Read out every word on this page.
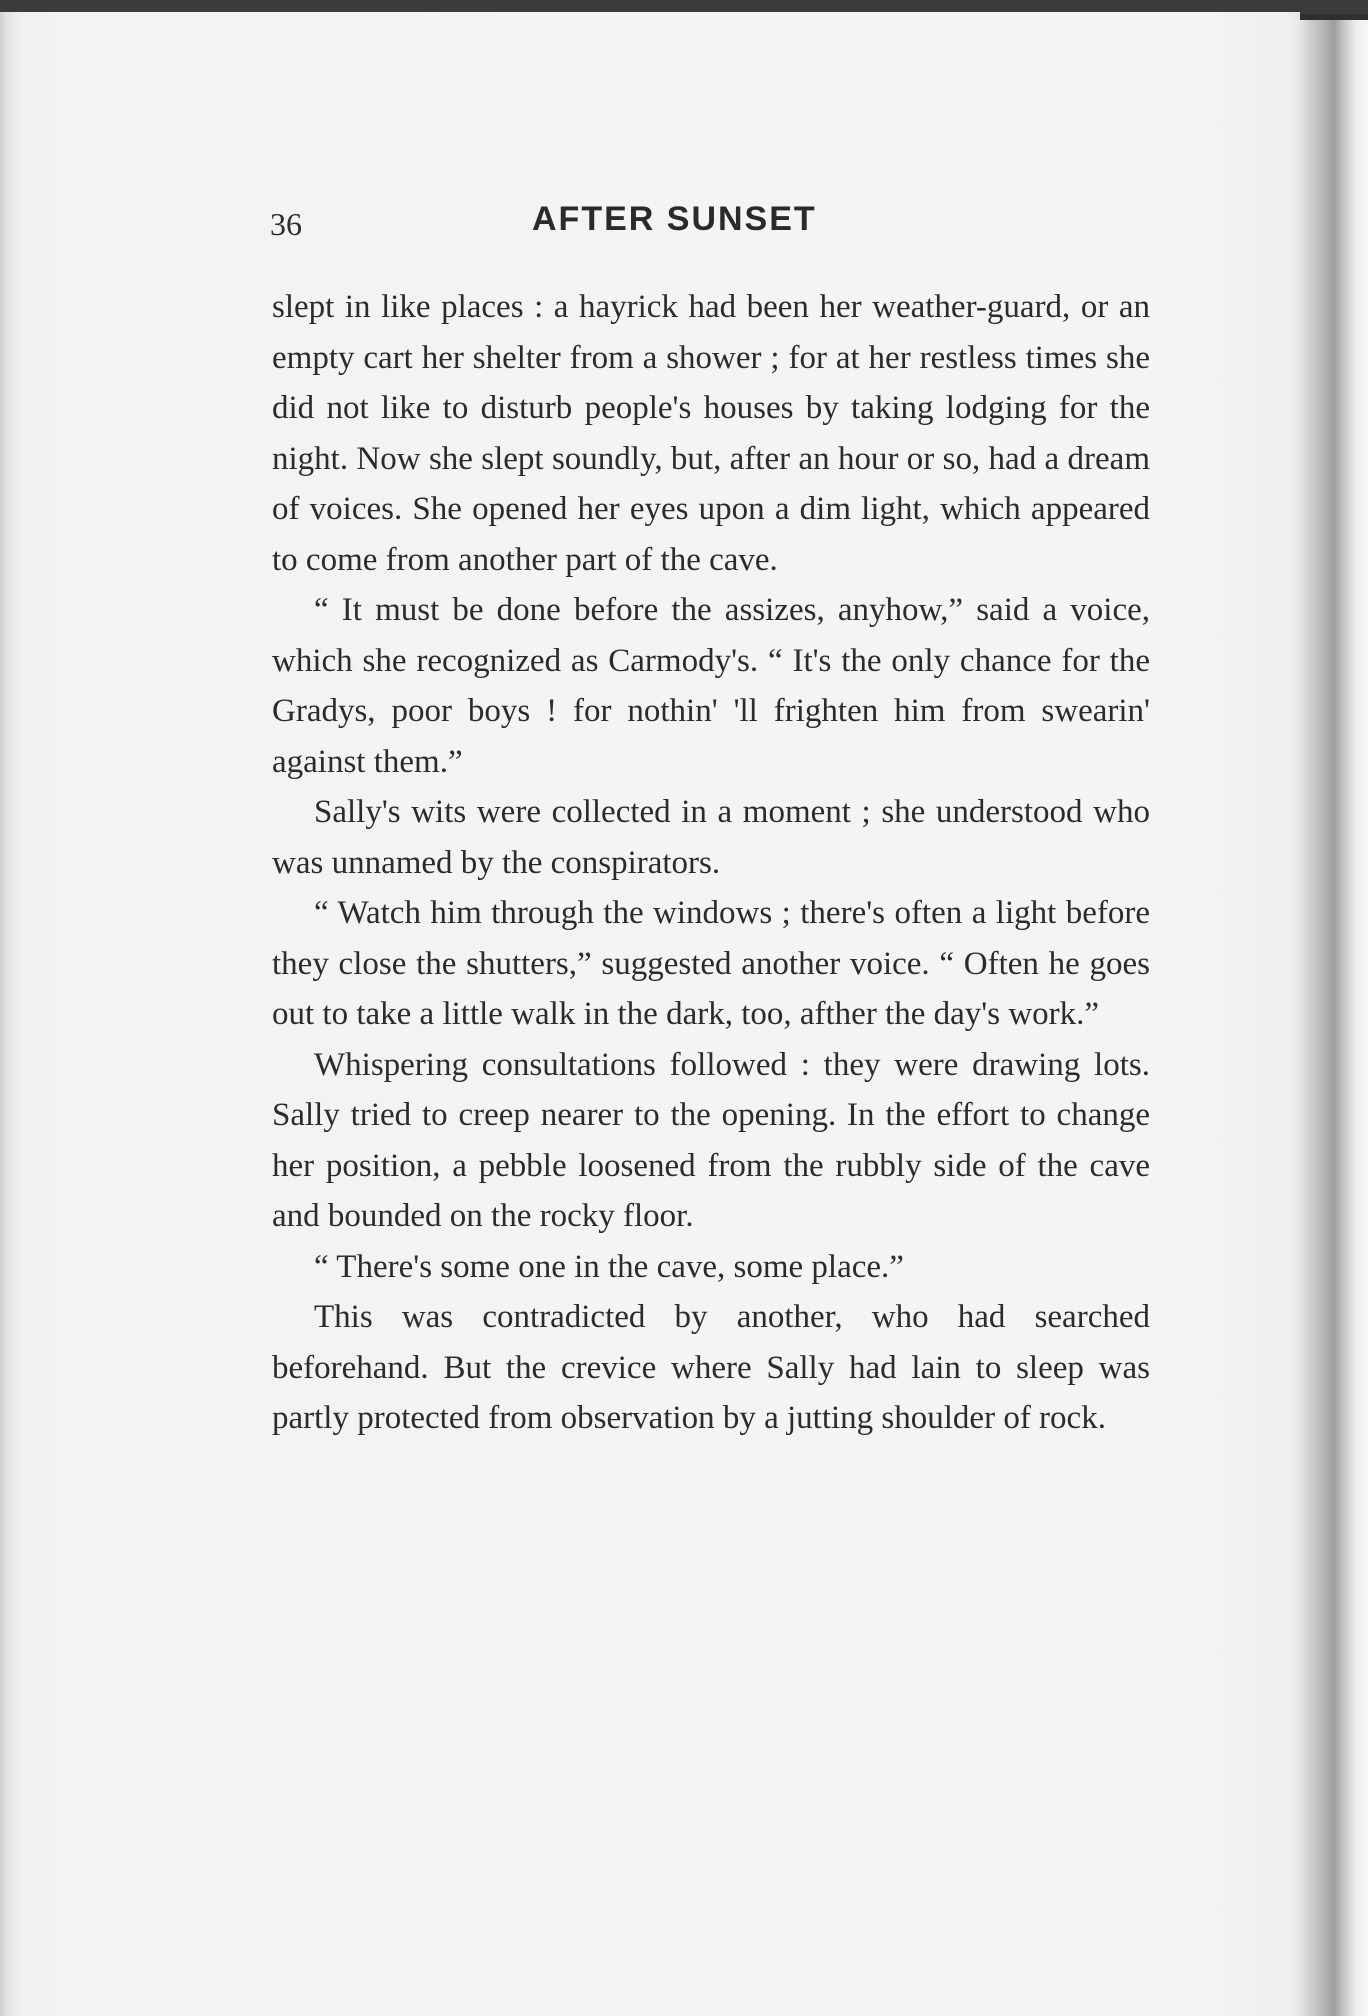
36	AFTER SUNSET

slept in like places : a hayrick had been her weather-guard, or an empty cart her shelter from a shower ; for at her restless times she did not like to disturb people's houses by taking lodging for the night. Now she slept soundly, but, after an hour or so, had a dream of voices. She opened her eyes upon a dim light, which appeared to come from another part of the cave.

“ It must be done before the assizes, anyhow,” said a voice, which she recognized as Carmody's. “ It's the only chance for the Gradys, poor boys ! for nothin' 'll frighten him from swearin' against them.”

Sally's wits were collected in a moment ; she understood who was unnamed by the conspirators.

“ Watch him through the windows ; there's often a light before they close the shutters,” suggested another voice. “ Often he goes out to take a little walk in the dark, too, afther the day's work.”

Whispering consultations followed : they were drawing lots. Sally tried to creep nearer to the opening. In the effort to change her position, a pebble loosened from the rubbly side of the cave and bounded on the rocky floor.

“ There's some one in the cave, some place.”

This was contradicted by another, who had searched beforehand. But the crevice where Sally had lain to sleep was partly protected from observation by a jutting shoulder of rock.
